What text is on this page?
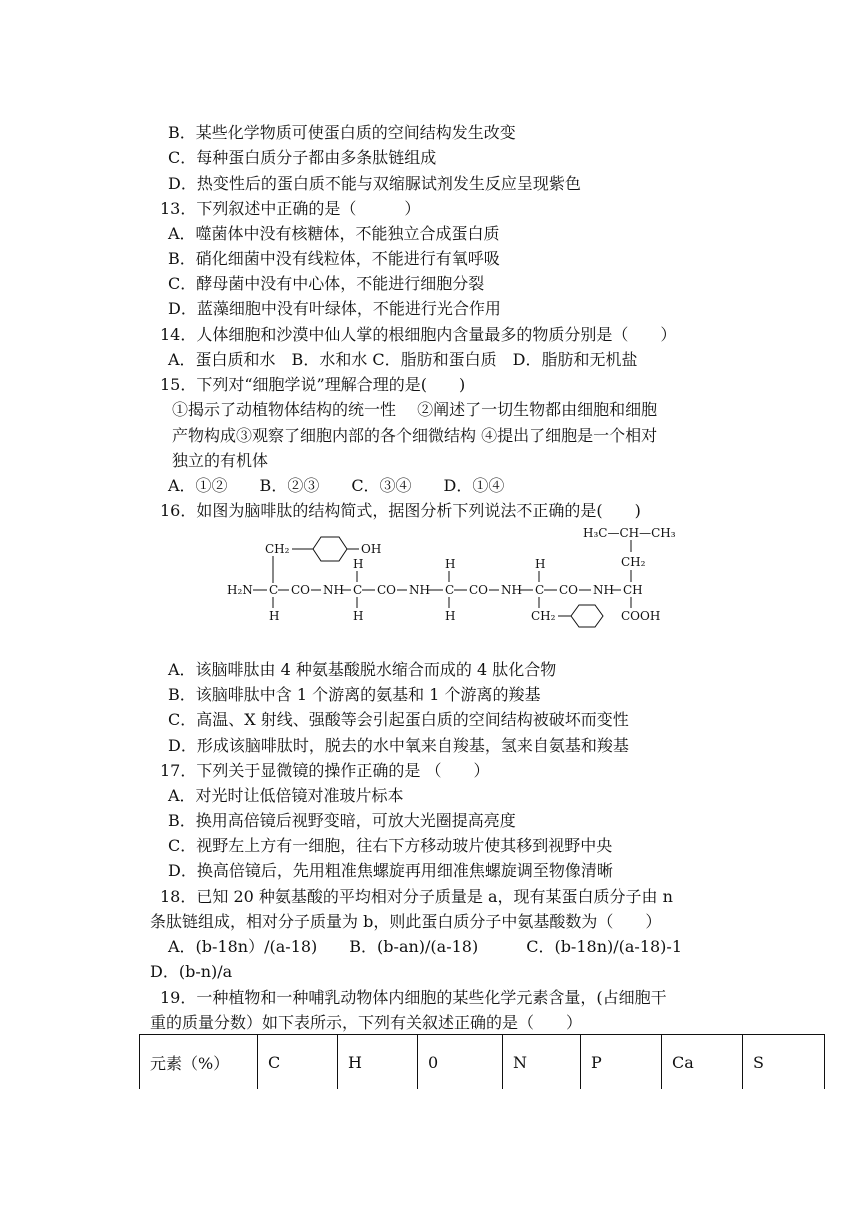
B．某些化学物质可使蛋白质的空间结构发生改变
C．每种蛋白质分子都由多条肽链组成
D．热变性后的蛋白质不能与双缩脲试剂发生反应呈现紫色
13．下列叙述中正确的是（　　　）
A．噬菌体中没有核糖体，不能独立合成蛋白质
B．硝化细菌中没有线粒体，不能进行有氧呼吸
C．酵母菌中没有中心体，不能进行细胞分裂
D．蓝藻细胞中没有叶绿体，不能进行光合作用
14．人体细胞和沙漠中仙人掌的根细胞内含量最多的物质分别是（　　）
A．蛋白质和水　B．水和水 C．脂肪和蛋白质　D．脂肪和无机盐
15．下列对“细胞学说”理解合理的是(　　)
①揭示了动植物体结构的统一性　 ②阐述了一切生物都由细胞和细胞
产物构成③观察了细胞内部的各个细微结构 ④提出了细胞是一个相对
独立的有机体
A．①②　　B．②③　　C．③④　　D．①④
16．如图为脑啡肽的结构简式，据图分析下列说法不正确的是(　　)
CH₂	OH
H₂N C CO NH C CO NH C CO NH C CO NH CH
H
H
H
H
H
H
CH₂
H₃C—CH—CH₃
CH₂
COOH
A．该脑啡肽由 4 种氨基酸脱水缩合而成的 4 肽化合物
B．该脑啡肽中含 1 个游离的氨基和 1 个游离的羧基
C．高温、X 射线、强酸等会引起蛋白质的空间结构被破坏而变性
D．形成该脑啡肽时，脱去的水中氧来自羧基，氢来自氨基和羧基
17．下列关于显微镜的操作正确的是 （　　）
A．对光时让低倍镜对准玻片标本
B．换用高倍镜后视野变暗，可放大光圈提高亮度
C．视野左上方有一细胞，往右下方移动玻片使其移到视野中央
D．换高倍镜后，先用粗准焦螺旋再用细准焦螺旋调至物像清晰
18．已知 20 种氨基酸的平均相对分子质量是 a，现有某蛋白质分子由 n
条肽链组成，相对分子质量为 b，则此蛋白质分子中氨基酸数为（　　）
A．(b-18n）/(a-18)　　B．(b-an)/(a-18)　　　C．(b-18n)/(a-18)-1
D．(b-n)/a
19．一种植物和一种哺乳动物体内细胞的某些化学元素含量，(占细胞干
重的质量分数）如下表所示，下列有关叙述正确的是（　　）
元素（%）	C	H	0	N	P	Ca	S
